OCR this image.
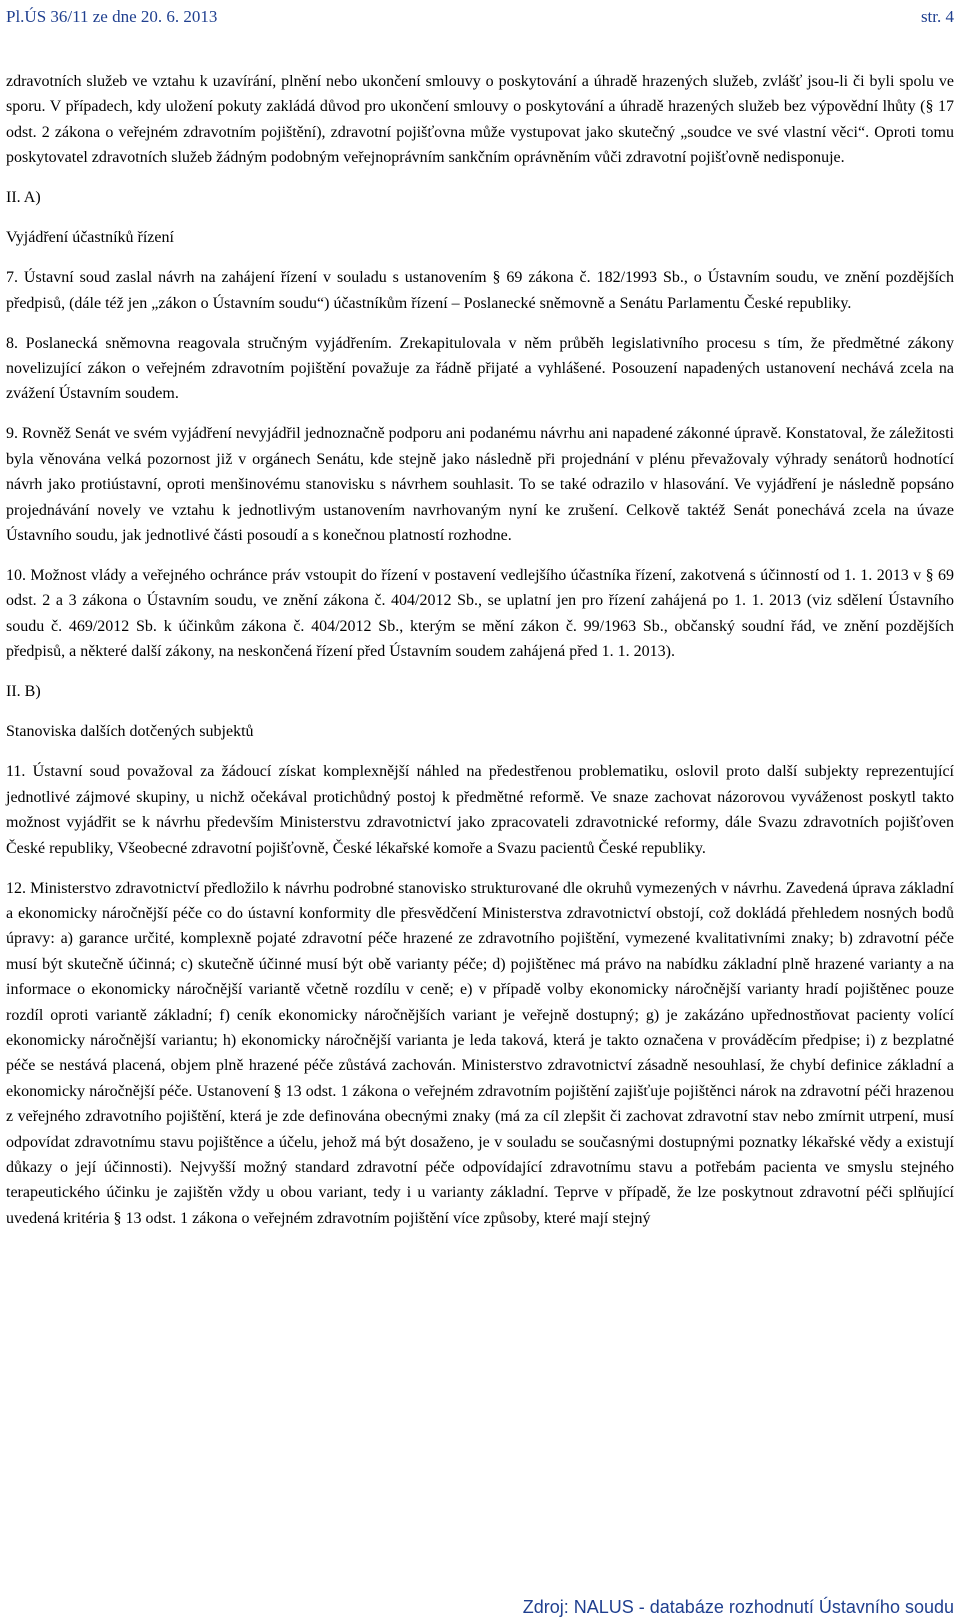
Pl.ÚS 36/11 ze dne 20. 6. 2013	str. 4

zdravotních služeb ve vztahu k uzavírání, plnění nebo ukončení smlouvy o poskytování a úhradě hrazených služeb, zvlášť jsou-li či byli spolu ve sporu. V případech, kdy uložení pokuty zakládá důvod pro ukončení smlouvy o poskytování a úhradě hrazených služeb bez výpovědní lhůty (§ 17 odst. 2 zákona o veřejném zdravotním pojištění), zdravotní pojišťovna může vystupovat jako skutečný „soudce ve své vlastní věci“. Oproti tomu poskytovatel zdravotních služeb žádným podobným veřejnoprávním sankčním oprávněním vůči zdravotní pojišťovně nedisponuje.

II. A)

Vyjádření účastníků řízení

7. Ústavní soud zaslal návrh na zahájení řízení v souladu s ustanovením § 69 zákona č. 182/1993 Sb., o Ústavním soudu, ve znění pozdějších předpisů, (dále též jen „zákon o Ústavním soudu“) účastníkům řízení – Poslanecké sněmovně a Senátu Parlamentu České republiky.

8. Poslanecká sněmovna reagovala stručným vyjádřením. Zrekapitulovala v něm průběh legislativního procesu s tím, že předmětné zákony novelizující zákon o veřejném zdravotním pojištění považuje za řádně přijaté a vyhlášené. Posouzení napadených ustanovení nechává zcela na zvážení Ústavním soudem.

9. Rovněž Senát ve svém vyjádření nevyjádřil jednoznačně podporu ani podanému návrhu ani napadené zákonné úpravě. Konstatoval, že záležitosti byla věnována velká pozornost již v orgánech Senátu, kde stejně jako následně při projednání v plénu převažovaly výhrady senátorů hodnotící návrh jako protiústavní, oproti menšinovému stanovisku s návrhem souhlasit. To se také odrazilo v hlasování. Ve vyjádření je následně popsáno projednávání novely ve vztahu k jednotlivým ustanovením navrhovaným nyní ke zrušení. Celkově taktéž Senát ponechává zcela na úvaze Ústavního soudu, jak jednotlivé části posoudí a s konečnou platností rozhodne.

10. Možnost vlády a veřejného ochránce práv vstoupit do řízení v postavení vedlejšího účastníka řízení, zakotvená s účinností od 1. 1. 2013 v § 69 odst. 2 a 3 zákona o Ústavním soudu, ve znění zákona č. 404/2012 Sb., se uplatní jen pro řízení zahájená po 1. 1. 2013 (viz sdělení Ústavního soudu č. 469/2012 Sb. k účinkům zákona č. 404/2012 Sb., kterým se mění zákon č. 99/1963 Sb., občanský soudní řád, ve znění pozdějších předpisů, a některé další zákony, na neskončená řízení před Ústavním soudem zahájená před 1. 1. 2013).

II. B)

Stanoviska dalších dotčených subjektů

11. Ústavní soud považoval za žádoucí získat komplexnější náhled na předestřenou problematiku, oslovil proto další subjekty reprezentující jednotlivé zájmové skupiny, u nichž očekával protichůdný postoj k předmětné reformě. Ve snaze zachovat názorovou vyváženost poskytl takto možnost vyjádřit se k návrhu především Ministerstvu zdravotnictví jako zpracovateli zdravotnické reformy, dále Svazu zdravotních pojišťoven České republiky, Všeobecné zdravotní pojišťovně, České lékařské komoře a Svazu pacientů České republiky.

12. Ministerstvo zdravotnictví předložilo k návrhu podrobné stanovisko strukturované dle okruhů vymezených v návrhu. Zavedená úprava základní a ekonomicky náročnější péče co do ústavní konformity dle přesvědčení Ministerstva zdravotnictví obstojí, což dokládá přehledem nosných bodů úpravy: a) garance určité, komplexně pojaté zdravotní péče hrazené ze zdravotního pojištění, vymezené kvalitativními znaky; b) zdravotní péče musí být skutečně účinná; c) skutečně účinné musí být obě varianty péče; d) pojištěnec má právo na nabídku základní plně hrazené varianty a na informace o ekonomicky náročnější variantě včetně rozdílu v ceně; e) v případě volby ekonomicky náročnější varianty hradí pojištěnec pouze rozdíl oproti variantě základní; f) ceník ekonomicky náročnějších variant je veřejně dostupný; g) je zakázáno upřednostňovat pacienty volící ekonomicky náročnější variantu; h) ekonomicky náročnější varianta je leda taková, která je takto označena v prováděcím předpise; i) z bezplatné péče se nestává placená, objem plně hrazené péče zůstává zachován. Ministerstvo zdravotnictví zásadně nesouhlasí, že chybí definice základní a ekonomicky náročnější péče. Ustanovení § 13 odst. 1 zákona o veřejném zdravotním pojištění zajišťuje pojištěnci nárok na zdravotní péči hrazenou z veřejného zdravotního pojištění, která je zde definována obecnými znaky (má za cíl zlepšit či zachovat zdravotní stav nebo zmírnit utrpení, musí odpovídat zdravotnímu stavu pojištěnce a účelu, jehož má být dosaženo, je v souladu se současnými dostupnými poznatky lékařské vědy a existují důkazy o její účinnosti). Nejvyšší možný standard zdravotní péče odpovídající zdravotnímu stavu a potřebám pacienta ve smyslu stejného terapeutického účinku je zajištěn vždy u obou variant, tedy i u varianty základní. Teprve v případě, že lze poskytnout zdravotní péči splňující uvedená kritéria § 13 odst. 1 zákona o veřejném zdravotním pojištění více způsoby, které mají stejný

Zdroj: NALUS - databáze rozhodnutí Ústavního soudu
